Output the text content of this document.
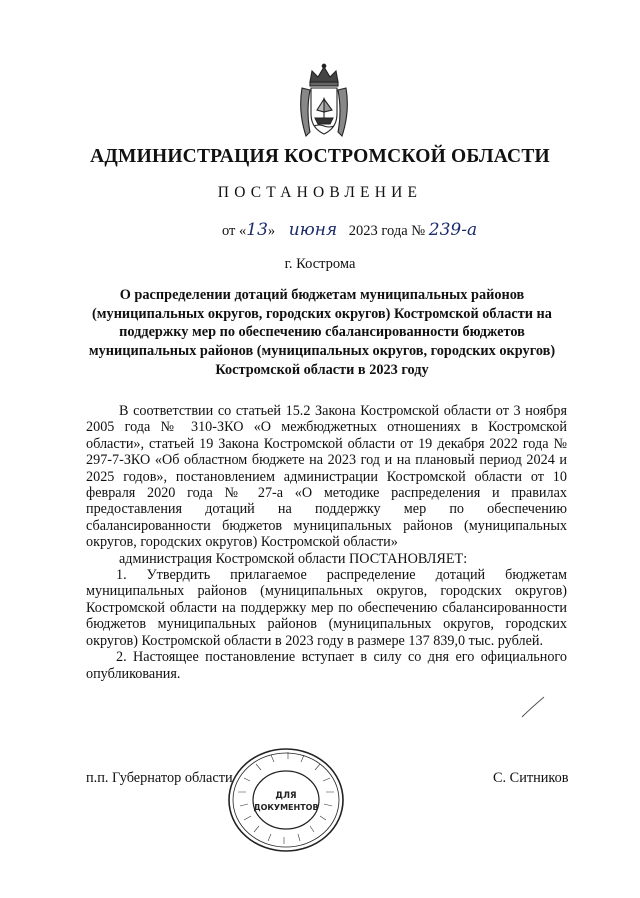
АДМИНИСТРАЦИЯ КОСТРОМСКОЙ ОБЛАСТИ
ПОСТАНОВЛЕНИЕ
от «13» июня 2023 года № 239-а
г. Кострома
О распределении дотаций бюджетам муниципальных районов (муниципальных округов, городских округов) Костромской области на поддержку мер по обеспечению сбалансированности бюджетов муниципальных районов (муниципальных округов, городских округов) Костромской области в 2023 году

В соответствии со статьей 15.2 Закона Костромской области от 3 ноября 2005 года № 310-ЗКО «О межбюджетных отношениях в Костромской области», статьей 19 Закона Костромской области от 19 декабря 2022 года № 297-7-ЗКО «Об областном бюджете на 2023 год и на плановый период 2024 и 2025 годов», постановлением администрации Костромской области от 10 февраля 2020 года № 27-а «О методике распределения и правилах предоставления дотаций на поддержку мер по обеспечению сбалансированности бюджетов муниципальных районов (муниципальных округов, городских округов) Костромской области»

администрация Костромской области ПОСТАНОВЛЯЕТ:

1. Утвердить прилагаемое распределение дотаций бюджетам муниципальных районов (муниципальных округов, городских округов) Костромской области на поддержку мер по обеспечению сбалансированности бюджетов муниципальных районов (муниципальных округов, городских округов) Костромской области в 2023 году в размере 137 839,0 тыс. рублей.

2. Настоящее постановление вступает в силу со дня его официального опубликования.

п.п. Губернатор области	С. Ситников
ДЛЯ
ДОКУМЕНТОВ
